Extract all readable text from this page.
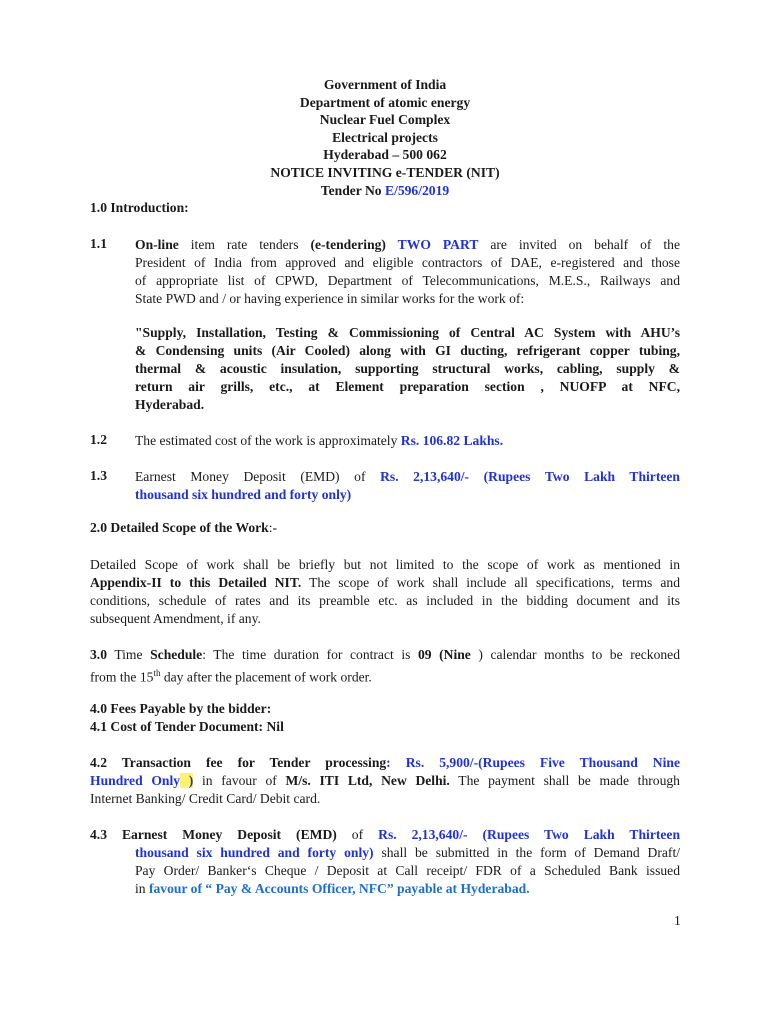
Government of India
Department of atomic energy
Nuclear Fuel Complex
Electrical projects
Hyderabad – 500 062
NOTICE INVITING e-TENDER (NIT)
Tender No E/596/2019
1.0 Introduction:
1.1 On-line item rate tenders (e-tendering) TWO PART are invited on behalf of the
President of India from approved and eligible contractors of DAE, e-registered and those
of appropriate list of CPWD, Department of Telecommunications, M.E.S., Railways and
State PWD and / or having experience in similar works for the work of:
"Supply, Installation, Testing & Commissioning of Central AC System with AHU’s
& Condensing units (Air Cooled) along with GI ducting, refrigerant copper tubing,
thermal & acoustic insulation, supporting structural works, cabling, supply &
return air grills, etc., at Element preparation section , NUOFP at NFC,
Hyderabad.
1.2 The estimated cost of the work is approximately Rs. 106.82 Lakhs.
1.3 Earnest Money Deposit (EMD) of Rs. 2,13,640/- (Rupees Two Lakh Thirteen
thousand six hundred and forty only)
2.0 Detailed Scope of the Work:-
Detailed Scope of work shall be briefly but not limited to the scope of work as mentioned in
Appendix-II to this Detailed NIT. The scope of work shall include all specifications, terms and
conditions, schedule of rates and its preamble etc. as included in the bidding document and its
subsequent Amendment, if any.
3.0 Time Schedule: The time duration for contract is 09 (Nine ) calendar months to be reckoned
from the 15th day after the placement of work order.
4.0 Fees Payable by the bidder:
4.1 Cost of Tender Document: Nil
4.2 Transaction fee for Tender processing: Rs. 5,900/-(Rupees Five Thousand Nine
Hundred Only ) in favour of M/s. ITI Ltd, New Delhi. The payment shall be made through
Internet Banking/ Credit Card/ Debit card.
4.3 Earnest Money Deposit (EMD) of Rs. 2,13,640/- (Rupees Two Lakh Thirteen
thousand six hundred and forty only) shall be submitted in the form of Demand Draft/
Pay Order/ Banker‘s Cheque / Deposit at Call receipt/ FDR of a Scheduled Bank issued
in favour of “ Pay & Accounts Officer, NFC” payable at Hyderabad.
1
